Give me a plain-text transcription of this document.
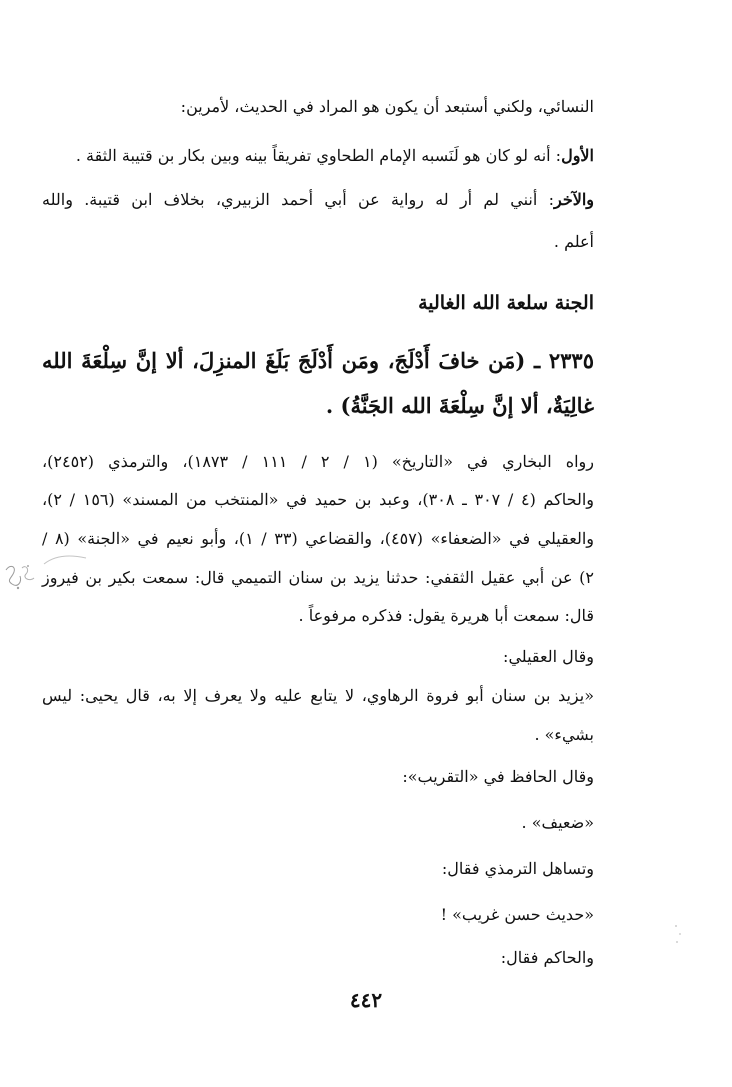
النسائي، ولكني أستبعد أن يكون هو المراد في الحديث، لأمرين:
الأول: أنه لو كان هو لَنَسبه الإمام الطحاوي تفريقاً بينه وبين بكار بن قتيبة الثقة .
والآخر: أنني لم أر له رواية عن أبي أحمد الزبيري، بخلاف ابن قتيبة. والله
أعلم .
الجنة سلعة الله الغالية
٢٣٣٥ ـ (مَن خافَ أَدْلَجَ، ومَن أَدْلَجَ بَلَغَ المنزِلَ، ألا إنَّ سِلْعَةَ الله
غالِيَةٌ، ألا إنَّ سِلْعَةَ الله الجَنَّةُ) .
رواه البخاري في «التاريخ» (١ / ٢ / ١١١ / ١٨٧٣)، والترمذي (٢٤٥٢)،
والحاكم (٤ / ٣٠٧ ـ ٣٠٨)، وعبد بن حميد في «المنتخب من المسند» (١٥٦ / ٢)،
والعقيلي في «الضعفاء» (٤٥٧)، والقضاعي (٣٣ / ١)، وأبو نعيم في «الجنة» (٨ /
٢) عن أبي عقيل الثقفي: حدثنا يزيد بن سنان التميمي قال: سمعت بكير بن فيروز
قال: سمعت أبا هريرة يقول: فذكره مرفوعاً .
وقال العقيلي:
«يزيد بن سنان أبو فروة الرهاوي، لا يتابع عليه ولا يعرف إلا به، قال يحيى: ليس
بشيء» .
وقال الحافظ في «التقريب»:
«ضعيف» .
وتساهل الترمذي فقال:
«حديث حسن غريب» !
والحاكم فقال:
٤٤٢
